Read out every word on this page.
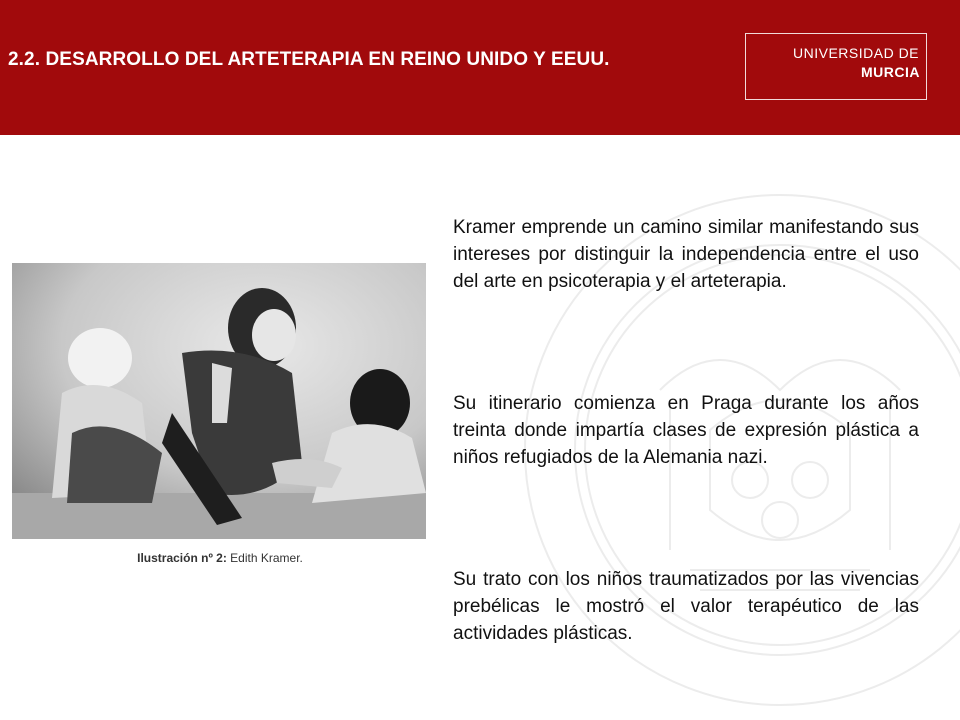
2.2. DESARROLLO DEL ARTETERAPIA EN REINO UNIDO Y EEUU.	UNIVERSIDAD DE
MURCIA
Ilustración nº 2: Edith Kramer.

Kramer emprende un camino similar manifestando sus intereses por distinguir la independencia entre el uso del arte en psicoterapia y el arteterapia.

Su itinerario comienza en Praga durante los años treinta donde impartía clases de expresión plástica a niños refugiados de la Alemania nazi.

Su trato con los niños traumatizados por las vivencias prebélicas le mostró el valor terapéutico de las actividades plásticas.
